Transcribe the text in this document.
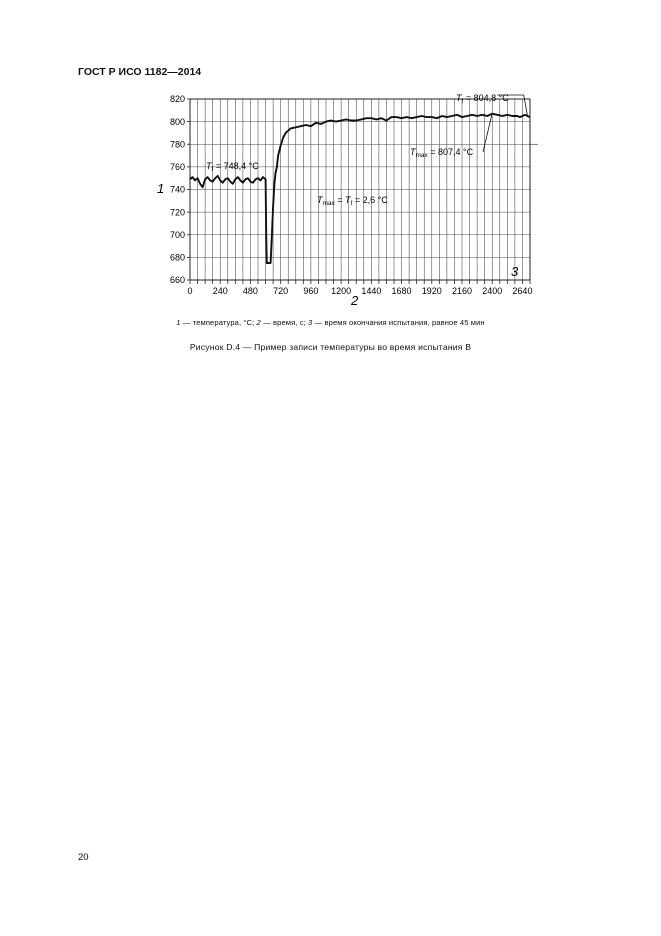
ГОСТ Р ИСО 1182—2014
0 240 480 720 960 1200 1440 1680 1920 2160 2400 2640
660
680
700
720
740
760
780
800
820
1
2
3
$T_f = 748,4$ °С
$T_f = 804,8$ °С
$T_{max} = 807,4$ °С
$T_{max} = T_f = 2,6$ °С
1 — температура, °С; 2 — время, с; 3 — время окончания испытания, равное 45 мин
Рисунок D.4 — Пример записи температуры во время испытания B
20
